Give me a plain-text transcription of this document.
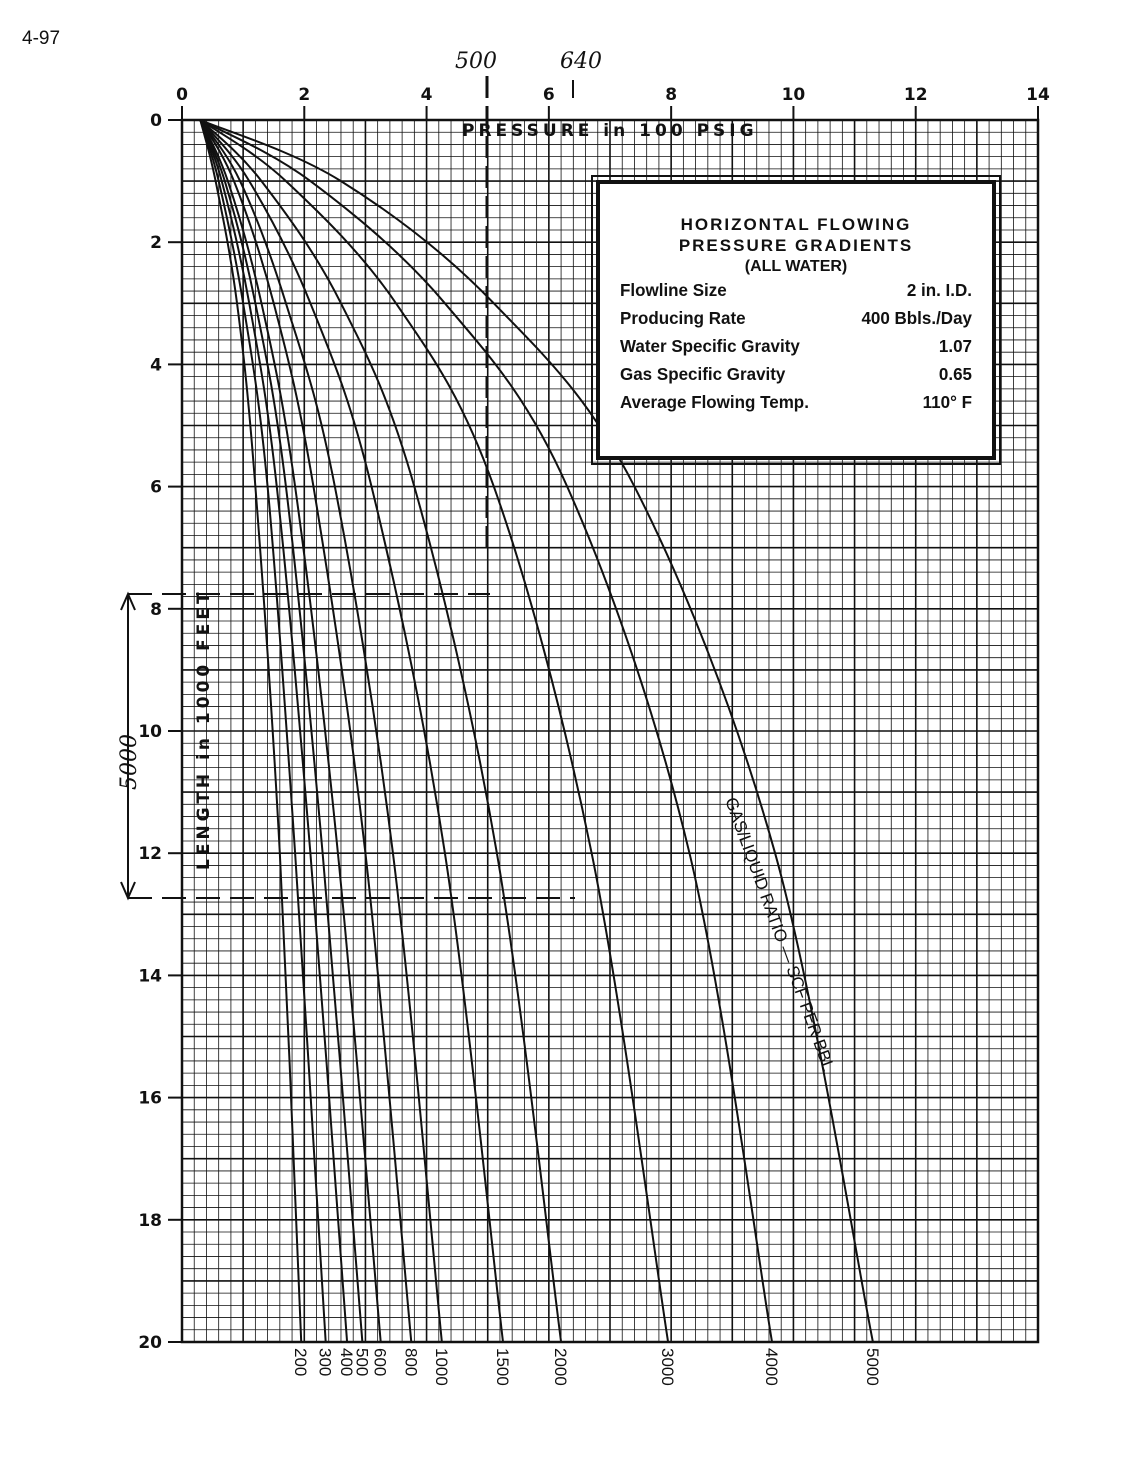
4-97
0	2	4	6	8	10	12	14
0
2
4
6
8
10
12
14
16
18
20
200 300 400
500 600 800 1000 1500 2000	3000	4000	5000
PRESSURE in 100 PSIG
LENGTH in 1000 FEET
GAS/LIQUID RATIO — SCF PER BBL
500	640
5000
HORIZONTAL FLOWING
PRESSURE GRADIENTS
(ALL WATER)
Flowline Size	2 in. I.D.
Producing Rate	400 Bbls./Day
Water Specific Gravity	1.07
Gas Specific Gravity	0.65
Average Flowing Temp.	110° F
